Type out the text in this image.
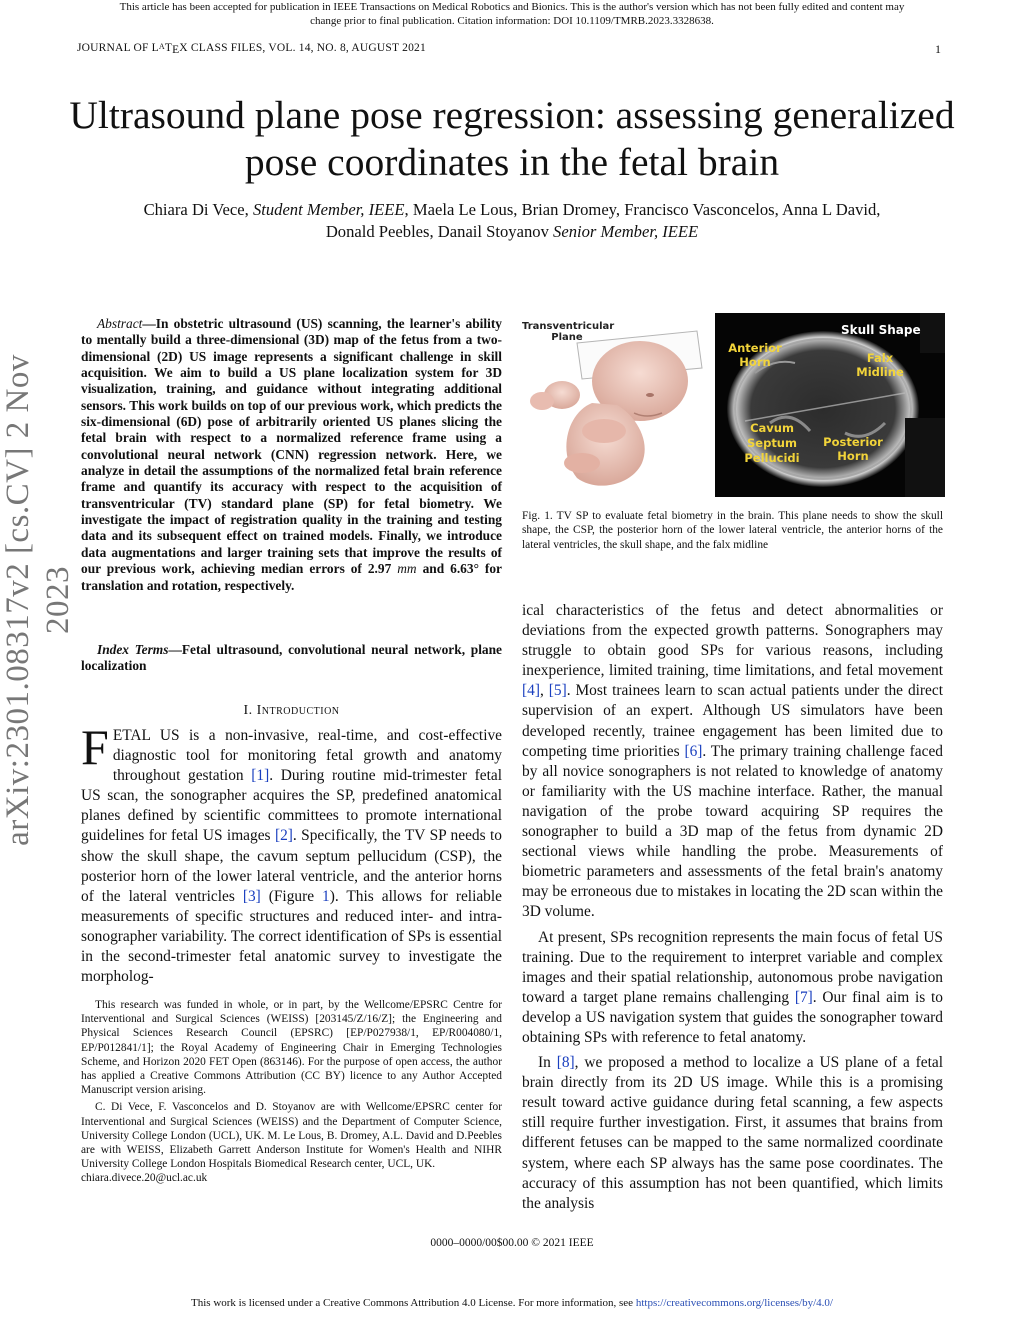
This article has been accepted for publication in IEEE Transactions on Medical Robotics and Bionics. This is the author's version which has not been fully edited and content may change prior to final publication. Citation information: DOI 10.1109/TMRB.2023.3328638.
JOURNAL OF LATEX CLASS FILES, VOL. 14, NO. 8, AUGUST 2021	1
arXiv:2301.08317v2 [cs.CV] 2 Nov 2023
Ultrasound plane pose regression: assessing generalized pose coordinates in the fetal brain
Chiara Di Vece, Student Member, IEEE, Maela Le Lous, Brian Dromey, Francisco Vasconcelos, Anna L David,
Donald Peebles, Danail Stoyanov Senior Member, IEEE
Abstract—In obstetric ultrasound (US) scanning, the learner's ability to mentally build a three-dimensional (3D) map of the fetus from a two-dimensional (2D) US image represents a significant challenge in skill acquisition. We aim to build a US plane localization system for 3D visualization, training, and guidance without integrating additional sensors. This work builds on top of our previous work, which predicts the six-dimensional (6D) pose of arbitrarily oriented US planes slicing the fetal brain with respect to a normalized reference frame using a convolutional neural network (CNN) regression network. Here, we analyze in detail the assumptions of the normalized fetal brain reference frame and quantify its accuracy with respect to the acquisition of transventricular (TV) standard plane (SP) for fetal biometry. We investigate the impact of registration quality in the training and testing data and its subsequent effect on trained models. Finally, we introduce data augmentations and larger training sets that improve the results of our previous work, achieving median errors of 2.97 mm and 6.63° for translation and rotation, respectively.
Index Terms—Fetal ultrasound, convolutional neural network, plane localization
I. Introduction

FETAL US is a non-invasive, real-time, and cost-effective diagnostic tool for monitoring fetal growth and anatomy throughout gestation [1]. During routine mid-trimester fetal US scan, the sonographer acquires the SP, predefined anatomical planes defined by scientific committees to promote international guidelines for fetal US images [2]. Specifically, the TV SP needs to show the skull shape, the cavum septum pellucidum (CSP), the posterior horn of the lower lateral ventricle, and the anterior horns of the lateral ventricles [3] (Figure 1). This allows for reliable measurements of specific structures and reduced inter- and intra-sonographer variability. The correct identification of SPs is essential in the second-trimester fetal anatomic survey to investigate the morpholog-

This research was funded in whole, or in part, by the Wellcome/EPSRC Centre for Interventional and Surgical Sciences (WEISS) [203145/Z/16/Z]; the Engineering and Physical Sciences Research Council (EPSRC) [EP/P027938/1, EP/R004080/1, EP/P012841/1]; the Royal Academy of Engineering Chair in Emerging Technologies Scheme, and Horizon 2020 FET Open (863146). For the purpose of open access, the author has applied a Creative Commons Attribution (CC BY) licence to any Author Accepted Manuscript version arising.

C. Di Vece, F. Vasconcelos and D. Stoyanov are with Wellcome/EPSRC center for Interventional and Surgical Sciences (WEISS) and the Department of Computer Science, University College London (UCL), UK. M. Le Lous, B. Dromey, A.L. David and D.Peebles are with WEISS, Elizabeth Garrett Anderson Institute for Women's Health and NIHR University College London Hospitals Biomedical Research center, UCL, UK.
chiara.divece.20@ucl.ac.uk

Transventricular Plane
Skull Shape
Falx Midline
Anterior Horn
Cavum Septum Pellucidi
Posterior Horn
Fig. 1. TV SP to evaluate fetal biometry in the brain. This plane needs to show the skull shape, the CSP, the posterior horn of the lower lateral ventricle, the anterior horns of the lateral ventricles, the skull shape, and the falx midline

ical characteristics of the fetus and detect abnormalities or deviations from the expected growth patterns. Sonographers may struggle to obtain good SPs for various reasons, including inexperience, limited training, time limitations, and fetal movement [4], [5]. Most trainees learn to scan actual patients under the direct supervision of an expert. Although US simulators have been developed recently, trainee engagement has been limited due to competing time priorities [6]. The primary training challenge faced by all novice sonographers is not related to knowledge of anatomy or familiarity with the US machine interface. Rather, the manual navigation of the probe toward acquiring SP requires the sonographer to build a 3D map of the fetus from dynamic 2D sectional views while handling the probe. Measurements of biometric parameters and assessments of the fetal brain's anatomy may be erroneous due to mistakes in locating the 2D scan within the 3D volume.

At present, SPs recognition represents the main focus of fetal US training. Due to the requirement to interpret variable and complex images and their spatial relationship, autonomous probe navigation toward a target plane remains challenging [7]. Our final aim is to develop a US navigation system that guides the sonographer toward obtaining SPs with reference to fetal anatomy.

In [8], we proposed a method to localize a US plane of a fetal brain directly from its 2D US image. While this is a promising result toward active guidance during fetal scanning, a few aspects still require further investigation. First, it assumes that brains from different fetuses can be mapped to the same normalized coordinate system, where each SP always has the same pose coordinates. The accuracy of this assumption has not been quantified, which limits the analysis

0000–0000/00$00.00 © 2021 IEEE
This work is licensed under a Creative Commons Attribution 4.0 License. For more information, see https://creativecommons.org/licenses/by/4.0/
